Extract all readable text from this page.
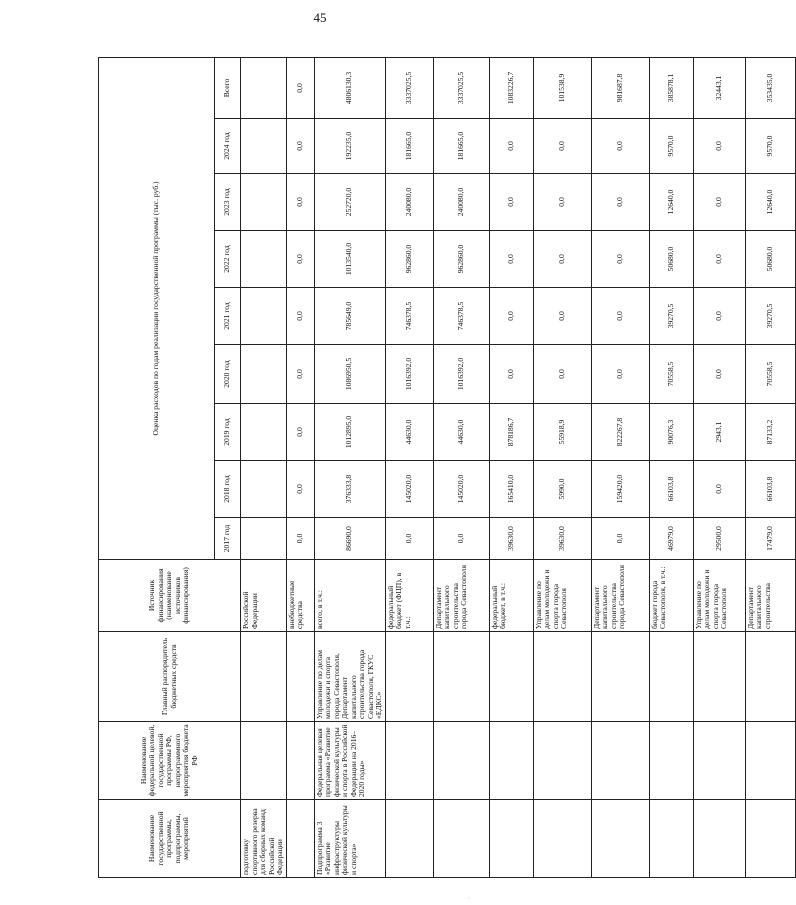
45
Наименование государственной программы, подпрограммы, мероприятий	Наименование федеральной целевой, государственной программы РФ, непрограммного мероприятия бюджета РФ	Главный распорядитель бюджетных средств	Источник финансирования (наименование источников финансирования)	Оценка расходов по годам реализации государственной программы (тыс. руб.)								
				2017 год	2018 год	2019 год	2020 год	2021 год	2022 год	2023 год	2024 год	Всего
подготовку спортивного резерва для сборных команд Российской Федерации			Российской Федерации									
			внебюджетные средства	0,0	0,0	0,0	0,0	0,0	0,0	0,0	0,0	0,0
Подпрограмма 3 «Развитие инфраструктуры физической культуры и спорта»	Федеральная целевая программа «Развитие физической культуры и спорта в Российской Федерации на 2016–2020 годы»	Управление по делам молодежи и спорта города Севастополя, Департамент капитального строительства города Севастополя, ГКУС «ЕДКС»	всего, в т.ч.:	86690,0	376333,8	1012895,0	1086950,5	785649,0	1013540,0	252720,0	192235,0	4806130,3
			федеральный бюджет (ФЦП), в т.ч.:	0,0	145020,0	44630,0	1016392,0	746378,5	962860,0	240080,0	181665,0	3337025,5
			Департамент капитального строительства города Севастополя	0,0	145020,0	44630,0	1016392,0	746378,5	962860,0	240080,0	181665,0	3337025,5
			федеральный бюджет, в т.ч.:	39630,0	165410,0	878186,7	0,0	0,0	0,0	0,0	0,0	1083226,7
			Управление по делам молодежи и спорта города Севастополя	39630,0	5990,0	55918,9	0,0	0,0	0,0	0,0	0,0	101538,9
			Департамент капитального строительства города Севастополя	0,0	159420,0	822267,8	0,0	0,0	0,0	0,0	0,0	981687,8
			бюджет города Севастополя, в т.ч.:	46979,0	66103,8	90076,3	70558,5	39270,5	50680,0	12640,0	9570,0	385878,1
			Управление по делам молодежи и спорта города Севастополя	29500,0	0,0	2943,1	0,0	0,0	0,0	0,0	0,0	32443,1
			Департамент капитального строительства	17479,0	66103,8	87133,2	70558,5	39270,5	50680,0	12640,0	9570,0	353435,0
·
